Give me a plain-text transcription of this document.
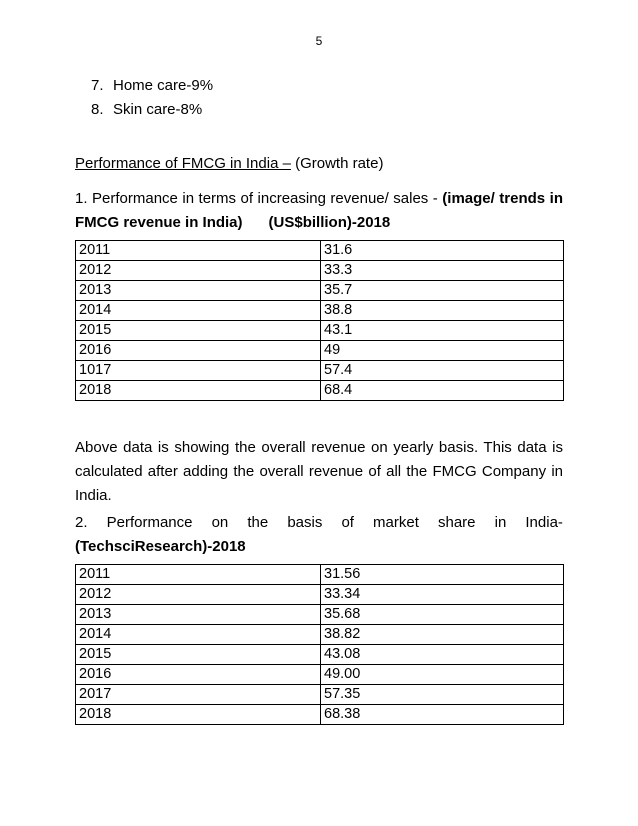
5
7. Home care-9%
8. Skin care-8%
Performance of FMCG in India – (Growth rate)
1. Performance in terms of increasing revenue/ sales - (image/ trends in FMCG revenue in India) (US$billion)-2018
2011	31.6
2012	33.3
2013	35.7
2014	38.8
2015	43.1
2016	49
1017	57.4
2018	68.4
Above data is showing the overall revenue on yearly basis. This data is calculated after adding the overall revenue of all the FMCG Company in India.
2. Performance on the basis of market share in India-
(TechsciResearch)-2018
2011	31.56
2012	33.34
2013	35.68
2014	38.82
2015	43.08
2016	49.00
2017	57.35
2018	68.38
